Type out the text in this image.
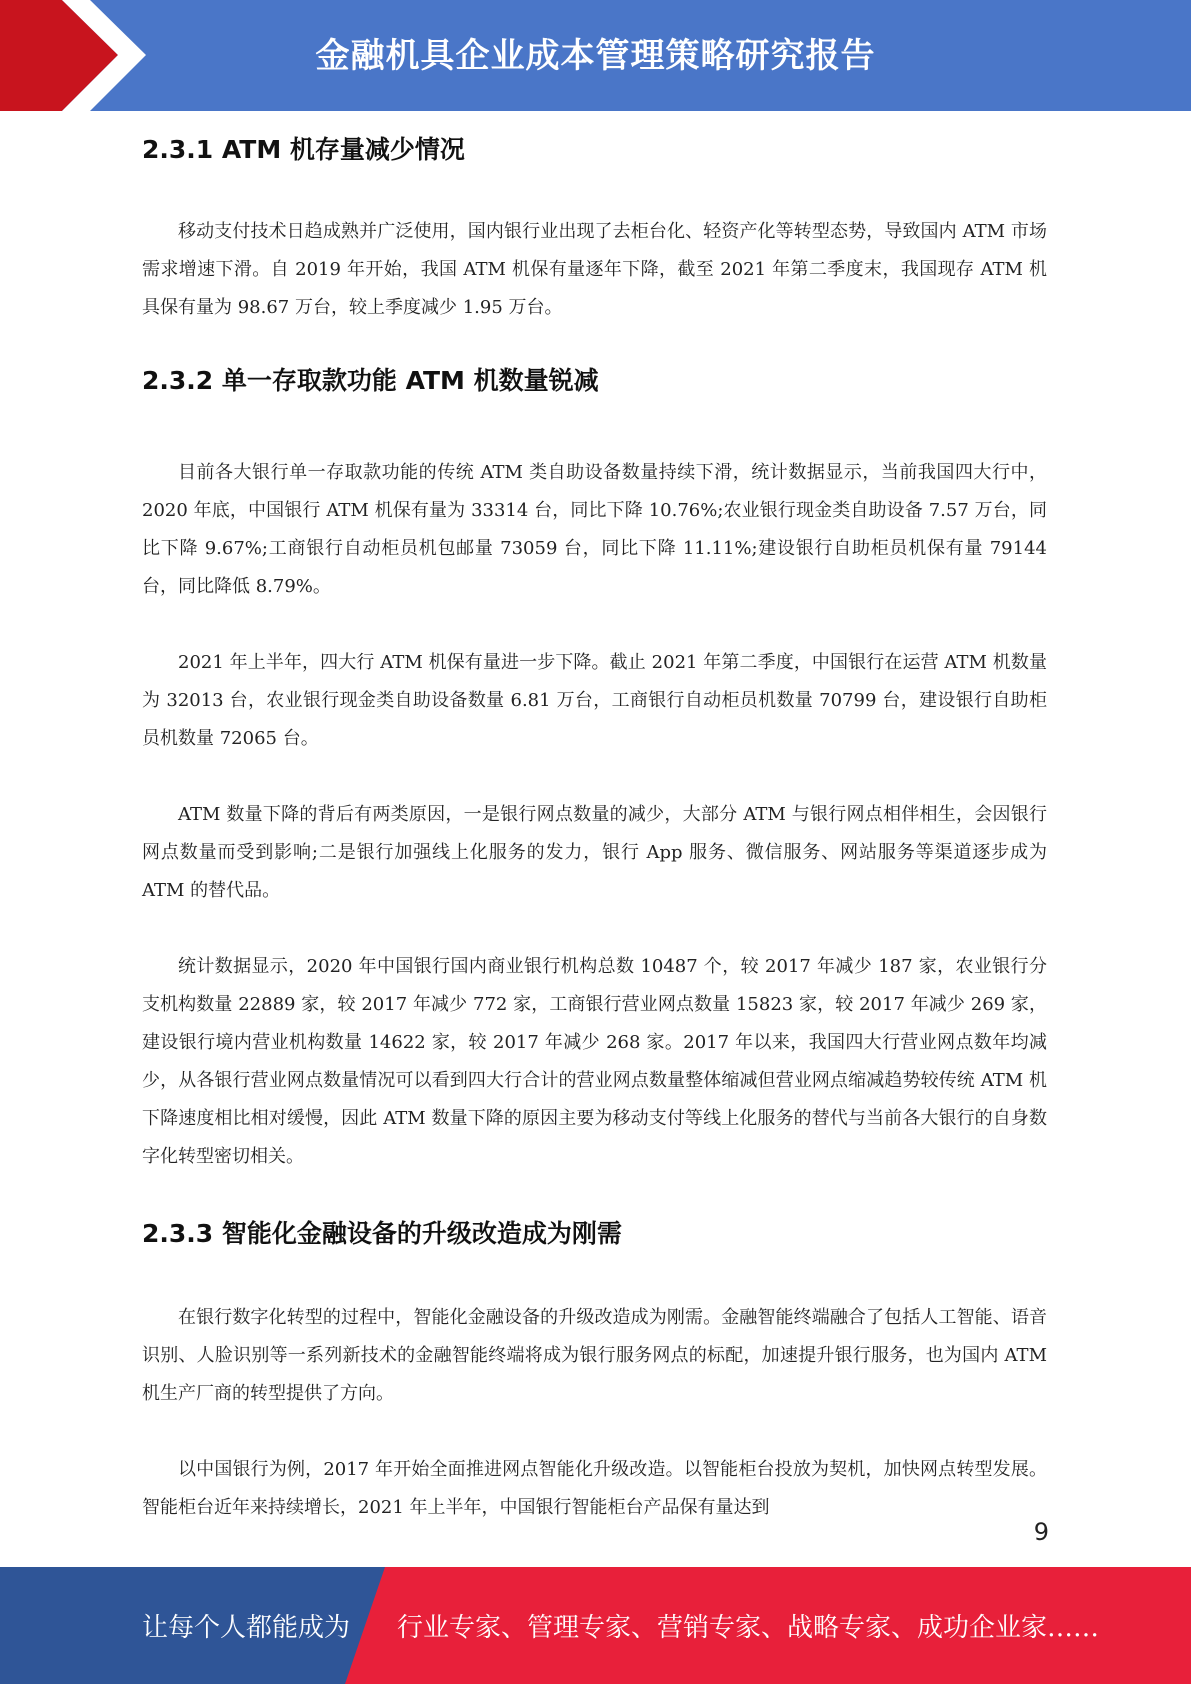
金融机具企业成本管理策略研究报告
2.3.1 ATM 机存量减少情况

移动支付技术日趋成熟并广泛使用，国内银行业出现了去柜台化、轻资产化等转型态势，导致国内 ATM 市场需求增速下滑。自 2019 年开始，我国 ATM 机保有量逐年下降，截至 2021 年第二季度末，我国现存 ATM 机具保有量为 98.67 万台，较上季度减少 1.95 万台。

2.3.2 单一存取款功能 ATM 机数量锐减

目前各大银行单一存取款功能的传统 ATM 类自助设备数量持续下滑，统计数据显示，当前我国四大行中，2020 年底，中国银行 ATM 机保有量为 33314 台，同比下降 10.76%;农业银行现金类自助设备 7.57 万台，同比下降 9.67%;工商银行自动柜员机包邮量 73059 台，同比下降 11.11%;建设银行自助柜员机保有量 79144 台，同比降低 8.79%。

2021 年上半年，四大行 ATM 机保有量进一步下降。截止 2021 年第二季度，中国银行在运营 ATM 机数量为 32013 台，农业银行现金类自助设备数量 6.81 万台，工商银行自动柜员机数量 70799 台，建设银行自助柜员机数量 72065 台。

ATM 数量下降的背后有两类原因，一是银行网点数量的减少，大部分 ATM 与银行网点相伴相生，会因银行网点数量而受到影响;二是银行加强线上化服务的发力，银行 App 服务、微信服务、网站服务等渠道逐步成为 ATM 的替代品。

统计数据显示，2020 年中国银行国内商业银行机构总数 10487 个，较 2017 年减少 187 家，农业银行分支机构数量 22889 家，较 2017 年减少 772 家，工商银行营业网点数量 15823 家，较 2017 年减少 269 家，建设银行境内营业机构数量 14622 家，较 2017 年减少 268 家。2017 年以来，我国四大行营业网点数年均减少，从各银行营业网点数量情况可以看到四大行合计的营业网点数量整体缩减但营业网点缩减趋势较传统 ATM 机下降速度相比相对缓慢，因此 ATM 数量下降的原因主要为移动支付等线上化服务的替代与当前各大银行的自身数字化转型密切相关。

2.3.3 智能化金融设备的升级改造成为刚需

在银行数字化转型的过程中，智能化金融设备的升级改造成为刚需。金融智能终端融合了包括人工智能、语音识别、人脸识别等一系列新技术的金融智能终端将成为银行服务网点的标配，加速提升银行服务，也为国内 ATM 机生产厂商的转型提供了方向。

以中国银行为例，2017 年开始全面推进网点智能化升级改造。以智能柜台投放为契机，加快网点转型发展。智能柜台近年来持续增长，2021 年上半年，中国银行智能柜台产品保有量达到

9
让每个人都能成为 行业专家、管理专家、营销专家、战略专家、成功企业家……
